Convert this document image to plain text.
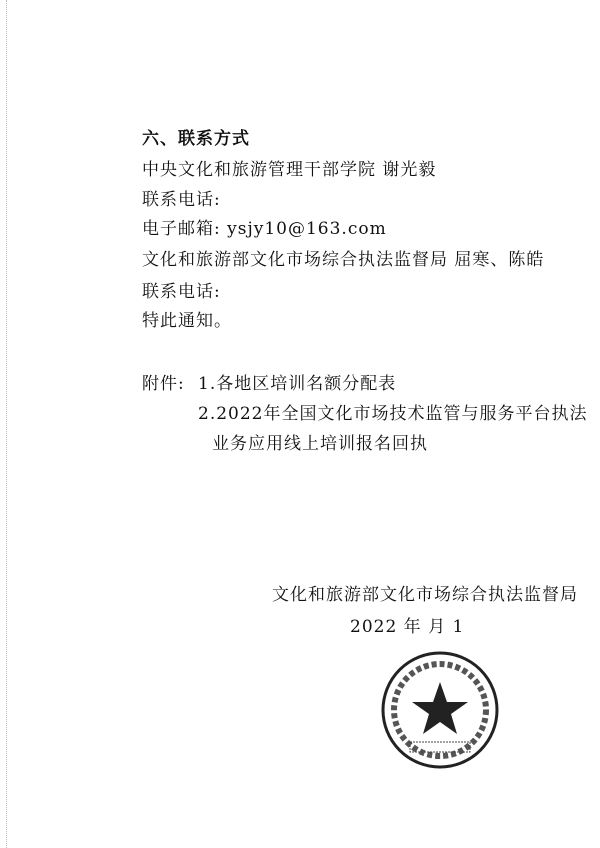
六、联系方式
中央文化和旅游管理干部学院 谢光毅
联系电话:
电子邮箱: ysjy10@163.com
文化和旅游部文化市场综合执法监督局 屈寒、陈皓
联系电话:
特此通知。
附件: 1.各地区培训名额分配表
2.2022年全国文化市场技术监管与服务平台执法
业务应用线上培训报名回执
文化和旅游部文化市场综合执法监督局
2022 年 月 1
